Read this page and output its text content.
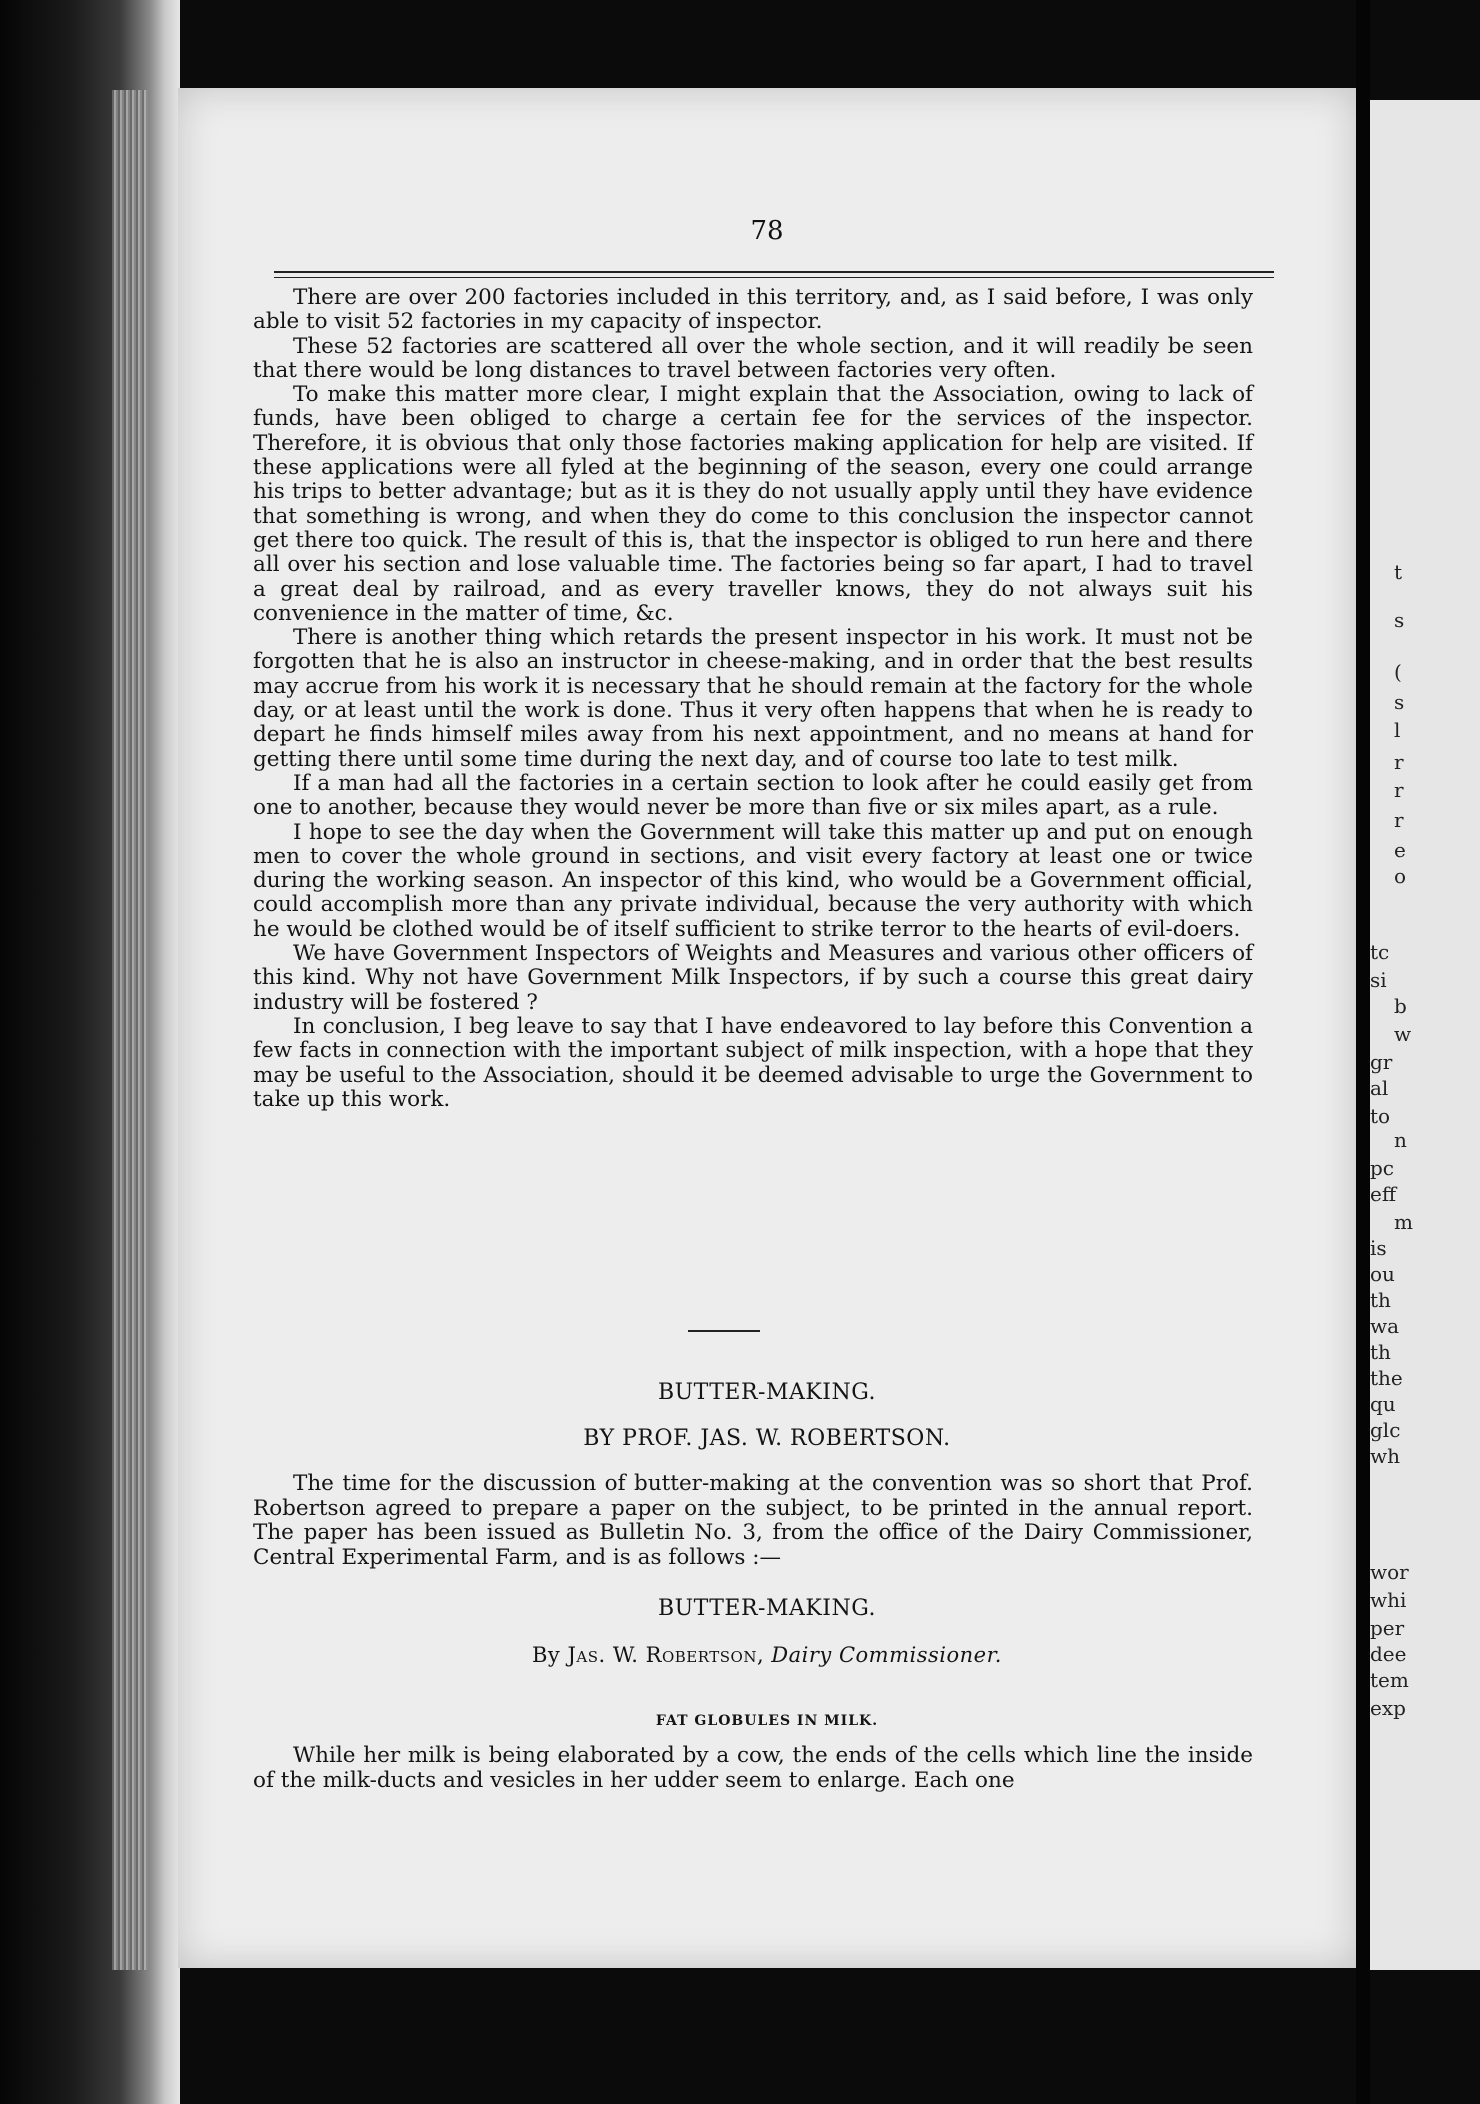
78

There are over 200 factories included in this territory, and, as I said before, I was only able to visit 52 factories in my capacity of inspector.

These 52 factories are scattered all over the whole section, and it will readily be seen that there would be long distances to travel between factories very often.

To make this matter more clear, I might explain that the Association, owing to lack of funds, have been obliged to charge a certain fee for the services of the inspector. Therefore, it is obvious that only those factories making application for help are visited. If these applications were all fyled at the beginning of the season, every one could arrange his trips to better advantage; but as it is they do not usually apply until they have evidence that something is wrong, and when they do come to this conclusion the inspector cannot get there too quick. The result of this is, that the inspector is obliged to run here and there all over his section and lose valuable time. The factories being so far apart, I had to travel a great deal by railroad, and as every traveller knows, they do not always suit his convenience in the matter of time, &c.

There is another thing which retards the present inspector in his work. It must not be forgotten that he is also an instructor in cheese-making, and in order that the best results may accrue from his work it is necessary that he should remain at the factory for the whole day, or at least until the work is done. Thus it very often happens that when he is ready to depart he finds himself miles away from his next appointment, and no means at hand for getting there until some time during the next day, and of course too late to test milk.

If a man had all the factories in a certain section to look after he could easily get from one to another, because they would never be more than five or six miles apart, as a rule.

I hope to see the day when the Government will take this matter up and put on enough men to cover the whole ground in sections, and visit every factory at least one or twice during the working season. An inspector of this kind, who would be a Government official, could accomplish more than any private individual, because the very authority with which he would be clothed would be of itself sufficient to strike terror to the hearts of evil-doers.

We have Government Inspectors of Weights and Measures and various other officers of this kind. Why not have Government Milk Inspectors, if by such a course this great dairy industry will be fostered ?

In conclusion, I beg leave to say that I have endeavored to lay before this Convention a few facts in connection with the important subject of milk inspection, with a hope that they may be useful to the Association, should it be deemed advisable to urge the Government to take up this work.

BUTTER-MAKING.
BY PROF. JAS. W. ROBERTSON.

The time for the discussion of butter-making at the convention was so short that Prof. Robertson agreed to prepare a paper on the subject, to be printed in the annual report. The paper has been issued as Bulletin No. 3, from the office of the Dairy Commissioner, Central Experimental Farm, and is as follows :—

BUTTER-MAKING.
By Jas. W. Robertson, Dairy Commissioner.
FAT GLOBULES IN MILK.

While her milk is being elaborated by a cow, the ends of the cells which line the inside of the milk-ducts and vesicles in her udder seem to enlarge. Each one

t
s
(
s
l
r
r
r
e
o
tc
si
b
w
gr
al
to
n
pc
eff
m
is
ou
th
wa
th
the
qu
glc
wh
wor
whi
per
dee
tem
exp
